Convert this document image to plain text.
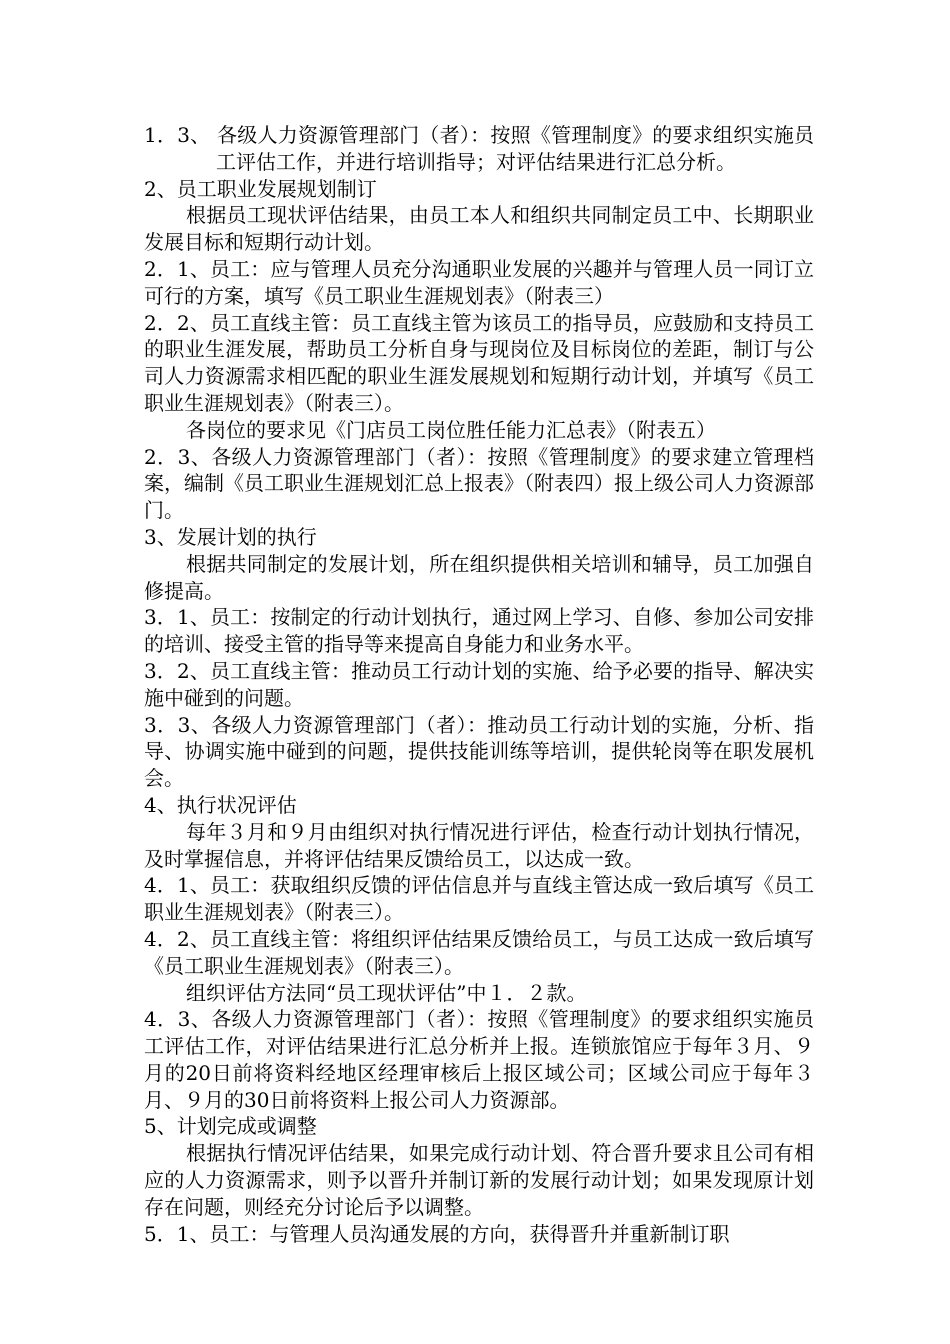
1．3、 各级人力资源管理部门（者）：按照《管理制度》的要求组织实施员工评估工作，并进行培训指导；对评估结果进行汇总分析。

2、员工职业发展规划制订

根据员工现状评估结果，由员工本人和组织共同制定员工中、长期职业发展目标和短期行动计划。

2．1、员工：应与管理人员充分沟通职业发展的兴趣并与管理人员一同订立可行的方案，填写《员工职业生涯规划表》（附表三）

2．2、员工直线主管：员工直线主管为该员工的指导员，应鼓励和支持员工的职业生涯发展，帮助员工分析自身与现岗位及目标岗位的差距，制订与公司人力资源需求相匹配的职业生涯发展规划和短期行动计划，并填写《员工职业生涯规划表》（附表三）。

各岗位的要求见《门店员工岗位胜任能力汇总表》（附表五）

2．3、各级人力资源管理部门（者）：按照《管理制度》的要求建立管理档案，编制《员工职业生涯规划汇总上报表》（附表四）报上级公司人力资源部门。

3、发展计划的执行

根据共同制定的发展计划，所在组织提供相关培训和辅导，员工加强自修提高。

3．1、员工：按制定的行动计划执行，通过网上学习、自修、参加公司安排的培训、接受主管的指导等来提高自身能力和业务水平。

3．2、员工直线主管：推动员工行动计划的实施、给予必要的指导、解决实施中碰到的问题。

3．3、各级人力资源管理部门（者）：推动员工行动计划的实施，分析、指导、协调实施中碰到的问题，提供技能训练等培训，提供轮岗等在职发展机会。

4、执行状况评估

每年３月和９月由组织对执行情况进行评估，检查行动计划执行情况，及时掌握信息，并将评估结果反馈给员工，以达成一致。

4．1、员工：获取组织反馈的评估信息并与直线主管达成一致后填写《员工职业生涯规划表》（附表三）。

4．2、员工直线主管：将组织评估结果反馈给员工，与员工达成一致后填写《员工职业生涯规划表》（附表三）。

组织评估方法同“员工现状评估”中１．２款。

4．3、各级人力资源管理部门（者）：按照《管理制度》的要求组织实施员工评估工作，对评估结果进行汇总分析并上报。连锁旅馆应于每年３月、９月的20日前将资料经地区经理审核后上报区域公司；区域公司应于每年３月、９月的30日前将资料上报公司人力资源部。

5、计划完成或调整

根据执行情况评估结果，如果完成行动计划、符合晋升要求且公司有相应的人力资源需求，则予以晋升并制订新的发展行动计划；如果发现原计划存在问题，则经充分讨论后予以调整。

5．1、员工：与管理人员沟通发展的方向，获得晋升并重新制订职
